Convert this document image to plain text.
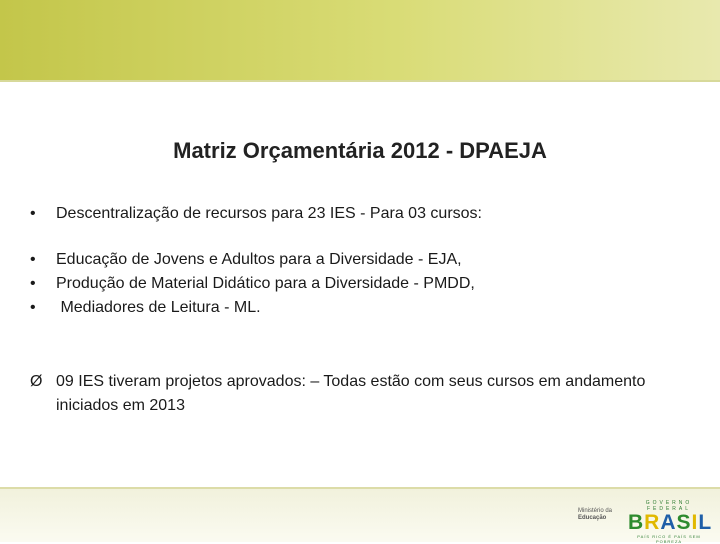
Matriz Orçamentária 2012 - DPAEJA
• Descentralização de recursos para 23 IES - Para 03 cursos:
• Educação de Jovens e Adultos para a Diversidade - EJA,
• Produção de Material Didático para a Diversidade - PMDD,
• Mediadores de Leitura - ML.
Ø 09 IES tiveram projetos aprovados: – Todas estão com seus cursos em andamento iniciados em 2013
Ministério da
Educação
GOVERNO FEDERAL
BRASIL
PAÍS RICO É PAÍS SEM POBREZA
